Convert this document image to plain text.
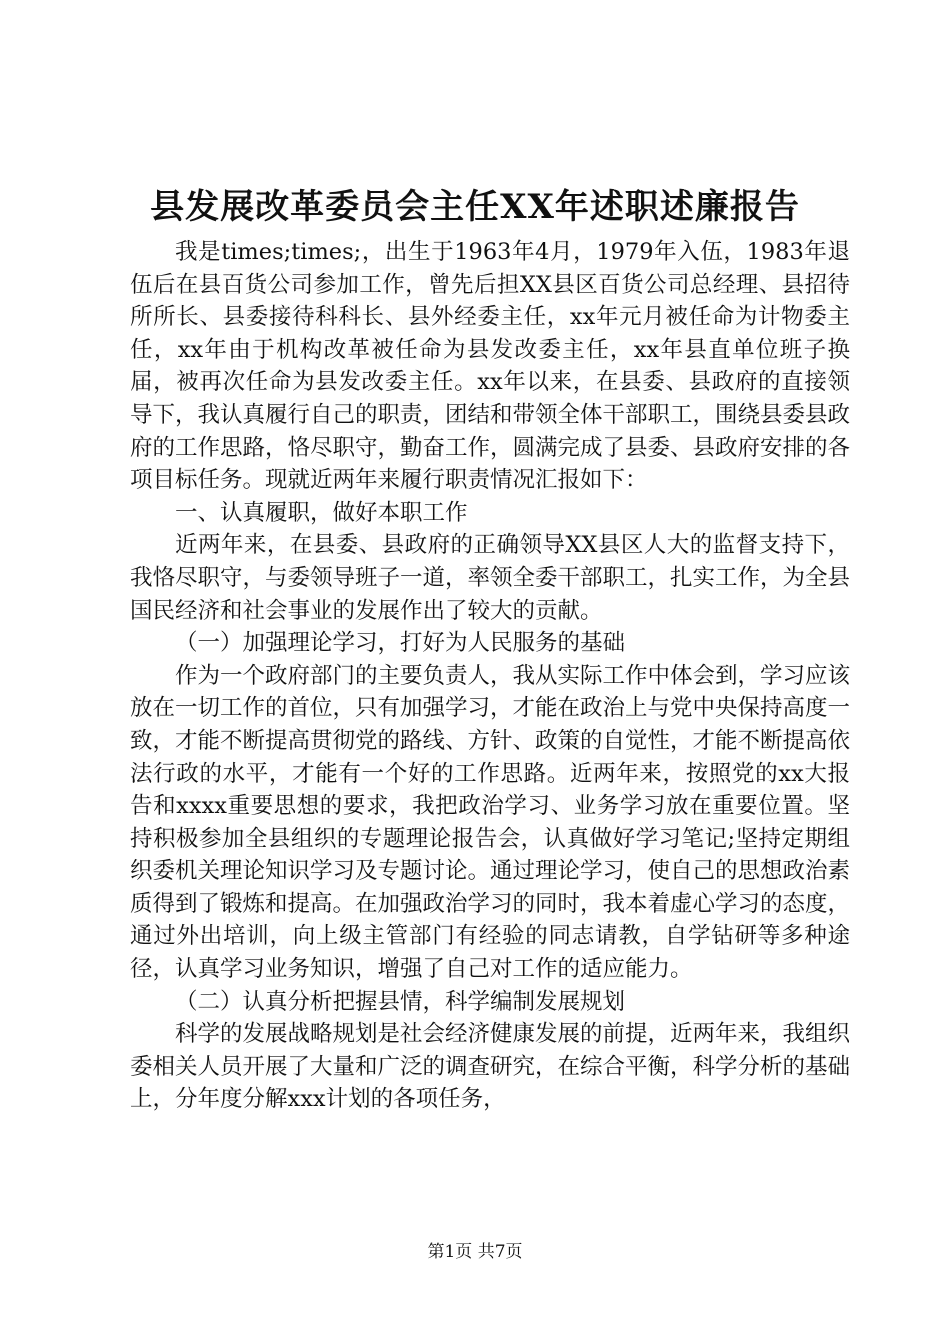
县发展改革委员会主任XX年述职述廉报告

我是times;times;，出生于1963年4月，1979年入伍，1983年退伍后在县百货公司参加工作，曾先后担XX县区百货公司总经理、县招待所所长、县委接待科科长、县外经委主任，xx年元月被任命为计物委主任，xx年由于机构改革被任命为县发改委主任，xx年县直单位班子换届，被再次任命为县发改委主任。xx年以来，在县委、县政府的直接领导下，我认真履行自己的职责，团结和带领全体干部职工，围绕县委县政府的工作思路，恪尽职守，勤奋工作，圆满完成了县委、县政府安排的各项目标任务。现就近两年来履行职责情况汇报如下：

一、认真履职，做好本职工作

近两年来，在县委、县政府的正确领导XX县区人大的监督支持下，我恪尽职守，与委领导班子一道，率领全委干部职工，扎实工作，为全县国民经济和社会事业的发展作出了较大的贡献。

（一）加强理论学习，打好为人民服务的基础

作为一个政府部门的主要负责人，我从实际工作中体会到，学习应该放在一切工作的首位，只有加强学习，才能在政治上与党中央保持高度一致，才能不断提高贯彻党的路线、方针、政策的自觉性，才能不断提高依法行政的水平，才能有一个好的工作思路。近两年来，按照党的xx大报告和xxxx重要思想的要求，我把政治学习、业务学习放在重要位置。坚持积极参加全县组织的专题理论报告会，认真做好学习笔记;坚持定期组织委机关理论知识学习及专题讨论。通过理论学习，使自己的思想政治素质得到了锻炼和提高。在加强政治学习的同时，我本着虚心学习的态度，通过外出培训，向上级主管部门有经验的同志请教，自学钻研等多种途径，认真学习业务知识，增强了自己对工作的适应能力。

（二）认真分析把握县情，科学编制发展规划

科学的发展战略规划是社会经济健康发展的前提，近两年来，我组织委相关人员开展了大量和广泛的调查研究，在综合平衡，科学分析的基础上，分年度分解xxx计划的各项任务，

第1页 共7页
